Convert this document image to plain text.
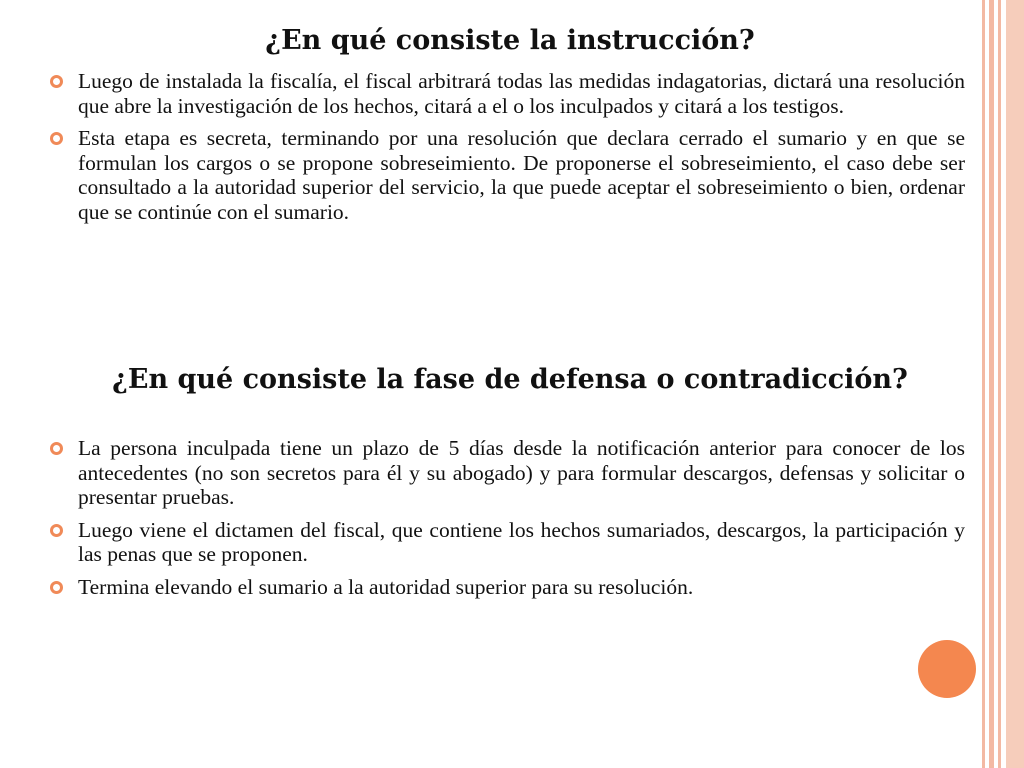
¿En qué consiste la instrucción?
Luego de instalada la fiscalía, el fiscal arbitrará todas las medidas indagatorias, dictará una resolución que abre la investigación de los hechos, citará a el o los inculpados y citará a los testigos.
Esta etapa es secreta, terminando por una resolución que declara cerrado el sumario y en que se formulan los cargos o se propone sobreseimiento. De proponerse el sobreseimiento, el caso debe ser consultado a la autoridad superior del servicio, la que puede aceptar el sobreseimiento o bien, ordenar que se continúe con el sumario.
¿En qué consiste la fase de defensa o contradicción?
La persona inculpada tiene un plazo de 5 días desde la notificación anterior para conocer de los antecedentes (no son secretos para él y su abogado) y para formular descargos, defensas y solicitar o presentar pruebas.
Luego viene el dictamen del fiscal, que contiene los hechos sumariados, descargos, la participación y las penas que se proponen.
Termina elevando el sumario a la autoridad superior para su resolución.
